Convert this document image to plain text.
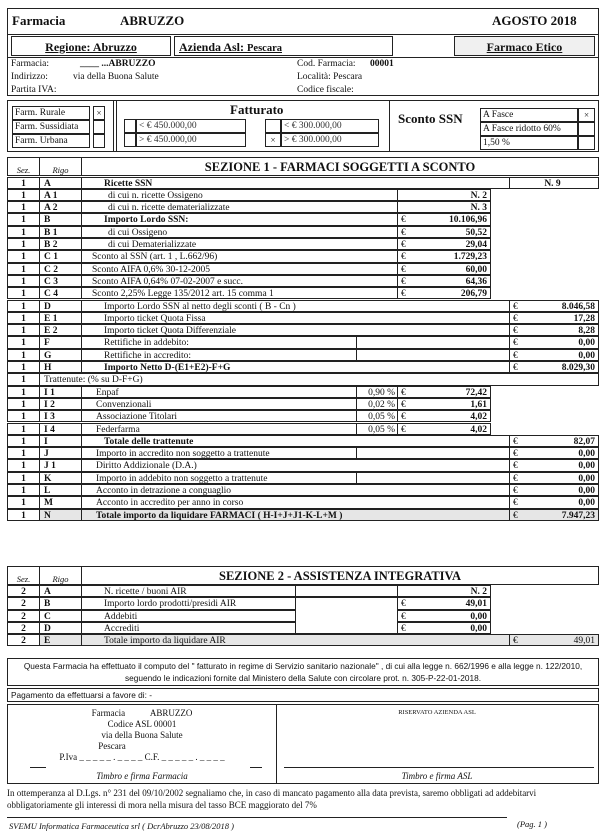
Farmacia	ABRUZZO	AGOSTO 2018
Regione: Abruzzo	Azienda Asl: Pescara	Farmaco Etico
Farmacia:	____ ...ABRUZZO
Indirizzo:	via della Buona Salute
Partita IVA:
Cod. Farmacia: 00001
Località: Pescara
Codice fiscale:
Farm. Rurale	×
Farm. Sussidiata
Farm. Urbana
Fatturato
< € 450.000,00
> € 450.000,00
< € 300.000,00
× > € 300.000,00
Sconto SSN	A Fasce	×
A Fasce ridotto 60%
1,50 %
Sez.	Rigo	SEZIONE 1 - FARMACI SOGGETTI A SCONTO
1	A	Ricette SSN	N. 9
1	A 1	di cui n. ricette Ossigeno	N. 2
1	A 2	di cui n. ricette dematerializzate	N. 3
1	B	Importo Lordo SSN:	€	10.106,96
1	B 1	di cui Ossigeno	€	50,52
1	B 2	di cui Dematerializzate	€	29,04
1	C 1	Sconto al SSN (art. 1 , L.662/96)	€	1.729,23
1	C 2	Sconto AIFA 0,6% 30-12-2005	€	60,00
1	C 3	Sconto AIFA 0,64% 07-02-2007 e succ.	€	64,36
1	C 4	Sconto 2,25% Legge 135/2012 art. 15 comma 1	€	206,79
1	D	Importo Lordo SSN al netto degli sconti ( B - Cn )	€	8.046,58
1	E 1	Importo ticket Quota Fissa	€	17,28
1	E 2	Importo ticket Quota Differenziale	€	8,28
1	F	Rettifiche in addebito:	€	0,00
1	G	Rettifiche in accredito:	€	0,00
1	H	Importo Netto D-(E1+E2)-F+G	€	8.029,30
1	Trattenute: (% su D-F+G)
1	I 1	Enpaf	0,90 % €	72,42
1	I 2	Convenzionali	0,02 % €	1,61
1	I 3	Associazione Titolari	0,05 % €	4,02
1	I 4	Federfarma	0,05 % €	4,02
1	I	Totale delle trattenute	€	82,07
1	J	Importo in accredito non soggetto a trattenute	€	0,00
1	J 1	Diritto Addizionale (D.A.)	€	0,00
1	K	Importo in addebito non soggetto a trattenute	€	0,00
1	L	Acconto in detrazione a conguaglio	€	0,00
1	M	Acconto in accredito per anno in corso	€	0,00
1	N	Totale importo da liquidare FARMACI ( H-I+J+J1-K-L+M )	€	7.947,23
Sez.	Rigo	SEZIONE 2 - ASSISTENZA INTEGRATIVA
2	A	N. ricette / buoni AIR	N. 2
2	B	Importo lordo prodotti/presidi AIR	€	49,01
2	C	Addebiti	€	0,00
2	D	Accrediti	€	0,00
2	E	Totale importo da liquidare AIR	€	49,01
Questa Farmacia ha effettuato il computo del " fatturato in regime di Servizio sanitario nazionale" , di cui alla legge n. 662/1996 e alla legge n. 122/2010, seguendo le indicazioni fornite dal Ministero della Salute con circolare prot. n. 305-P-22-01-2018.
Pagamento da effettuarsi a favore di: -
Farmacia	ABRUZZO
Codice ASL 00001
via della Buona Salute
Pescara
P.Iva _ _ _ _ _ . _ _ _ _ C.F. _ _ _ _ _ . _ _ _ _
Timbro e firma Farmacia
RISERVATO AZIENDA ASL
Timbro e firma ASL
In ottemperanza al D.Lgs. n° 231 del 09/10/2002 segnaliamo che, in caso di mancato pagamento alla data prevista, saremo obbligati ad addebitarvi obbligatoriamente gli interessi di mora nella misura del tasso BCE maggiorato del 7%
SVEMU Informatica Farmaceutica srl ( DcrAbruzzo 23/08/2018 )	(Pag. 1 )
